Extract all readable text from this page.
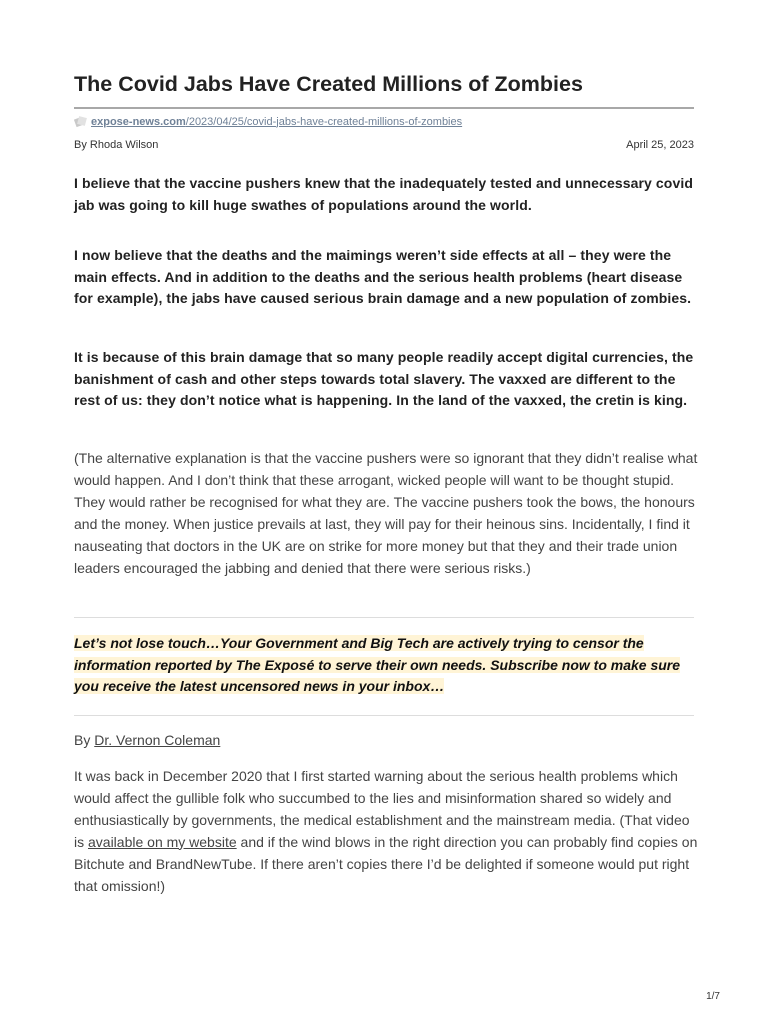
The Covid Jabs Have Created Millions of Zombies
expose-news.com /2023/04/25/covid-jabs-have-created-millions-of-zombies
By Rhoda Wilson	April 25, 2023

I believe that the vaccine pushers knew that the inadequately tested and unnecessary covid jab was going to kill huge swathes of populations around the world.

I now believe that the deaths and the maimings weren’t side effects at all – they were the main effects. And in addition to the deaths and the serious health problems (heart disease for example), the jabs have caused serious brain damage and a new population of zombies.

It is because of this brain damage that so many people readily accept digital currencies, the banishment of cash and other steps towards total slavery. The vaxxed are different to the rest of us: they don’t notice what is happening. In the land of the vaxxed, the cretin is king.

(The alternative explanation is that the vaccine pushers were so ignorant that they didn’t realise what would happen. And I don’t think that these arrogant, wicked people will want to be thought stupid. They would rather be recognised for what they are. The vaccine pushers took the bows, the honours and the money. When justice prevails at last, they will pay for their heinous sins. Incidentally, I find it nauseating that doctors in the UK are on strike for more money but that they and their trade union leaders encouraged the jabbing and denied that there were serious risks.)

Let’s not lose touch…Your Government and Big Tech are actively trying to censor the information reported by The Exposé to serve their own needs. Subscribe now to make sure you receive the latest uncensored news in your inbox…
By Dr. Vernon Coleman

It was back in December 2020 that I first started warning about the serious health problems which would affect the gullible folk who succumbed to the lies and misinformation shared so widely and enthusiastically by governments, the medical establishment and the mainstream media. (That video is available on my website and if the wind blows in the right direction you can probably find copies on Bitchute and BrandNewTube. If there aren’t copies there I’d be delighted if someone would put right that omission!)

1/7
